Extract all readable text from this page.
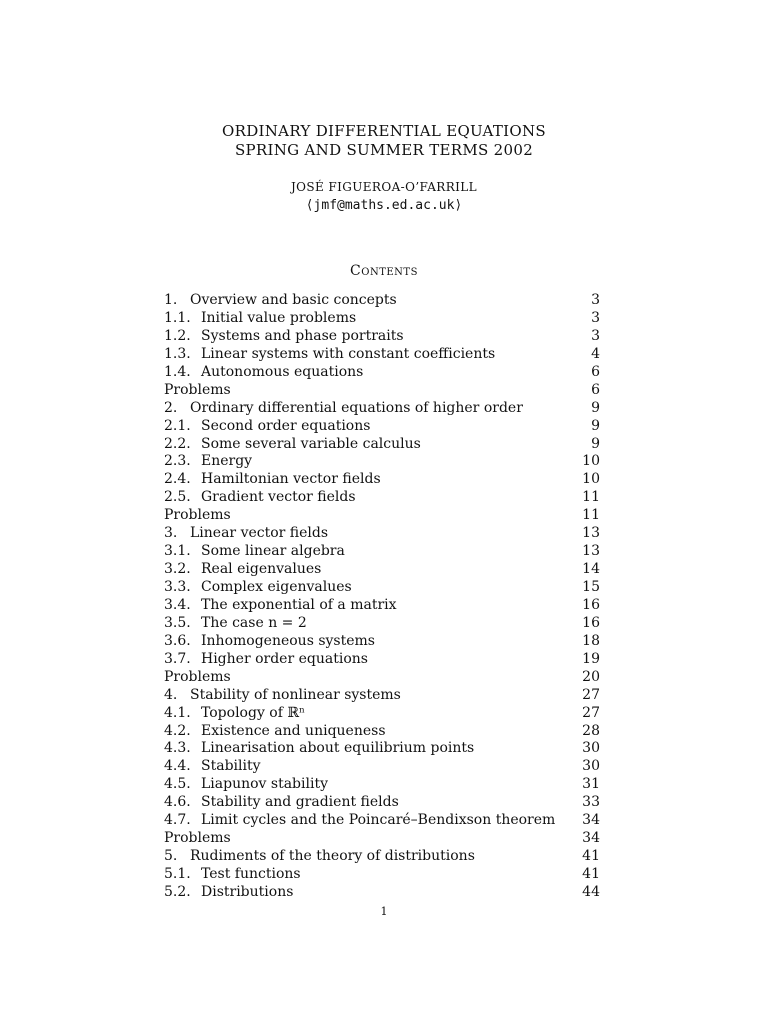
ORDINARY DIFFERENTIAL EQUATIONS
SPRING AND SUMMER TERMS 2002
JOSÉ FIGUEROA-O’FARRILL
⟨jmf@maths.ed.ac.uk⟩
Contents
1. Overview and basic concepts	3
1.1. Initial value problems	3
1.2. Systems and phase portraits	3
1.3. Linear systems with constant coefficients	4
1.4. Autonomous equations	6
Problems	6
2. Ordinary differential equations of higher order	9
2.1. Second order equations	9
2.2. Some several variable calculus	9
2.3. Energy	10
2.4. Hamiltonian vector fields	10
2.5. Gradient vector fields	11
Problems	11
3. Linear vector fields	13
3.1. Some linear algebra	13
3.2. Real eigenvalues	14
3.3. Complex eigenvalues	15
3.4. The exponential of a matrix	16
3.5. The case n = 2	16
3.6. Inhomogeneous systems	18
3.7. Higher order equations	19
Problems	20
4. Stability of nonlinear systems	27
4.1. Topology of ℝⁿ	27
4.2. Existence and uniqueness	28
4.3. Linearisation about equilibrium points	30
4.4. Stability	30
4.5. Liapunov stability	31
4.6. Stability and gradient fields	33
4.7. Limit cycles and the Poincaré–Bendixson theorem	34
Problems	34
5. Rudiments of the theory of distributions	41
5.1. Test functions	41
5.2. Distributions	44
1
